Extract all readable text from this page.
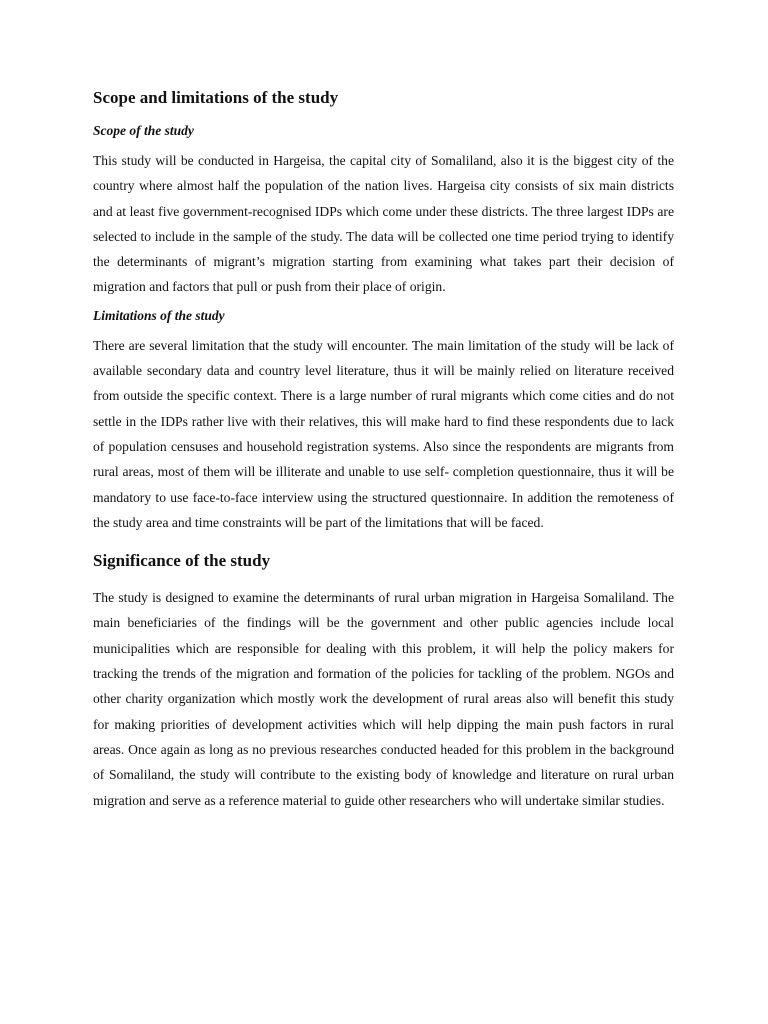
Scope and limitations of the study
Scope of the study

This study will be conducted in Hargeisa, the capital city of Somaliland, also it is the biggest city of the country where almost half the population of the nation lives. Hargeisa city consists of six main districts and at least five government-recognised IDPs which come under these districts. The three largest IDPs are selected to include in the sample of the study. The data will be collected one time period trying to identify the determinants of migrant’s migration starting from examining what takes part their decision of migration and factors that pull or push from their place of origin.

Limitations of the study

There are several limitation that the study will encounter. The main limitation of the study will be lack of available secondary data and country level literature, thus it will be mainly relied on literature received from outside the specific context. There is a large number of rural migrants which come cities and do not settle in the IDPs rather live with their relatives, this will make hard to find these respondents due to lack of population censuses and household registration systems. Also since the respondents are migrants from rural areas, most of them will be illiterate and unable to use self- completion questionnaire, thus it will be mandatory to use face-to-face interview using the structured questionnaire. In addition the remoteness of the study area and time constraints will be part of the limitations that will be faced.

Significance of the study

The study is designed to examine the determinants of rural urban migration in Hargeisa Somaliland. The main beneficiaries of the findings will be the government and other public agencies include local municipalities which are responsible for dealing with this problem, it will help the policy makers for tracking the trends of the migration and formation of the policies for tackling of the problem. NGOs and other charity organization which mostly work the development of rural areas also will benefit this study for making priorities of development activities which will help dipping the main push factors in rural areas. Once again as long as no previous researches conducted headed for this problem in the background of Somaliland, the study will contribute to the existing body of knowledge and literature on rural urban migration and serve as a reference material to guide other researchers who will undertake similar studies.
